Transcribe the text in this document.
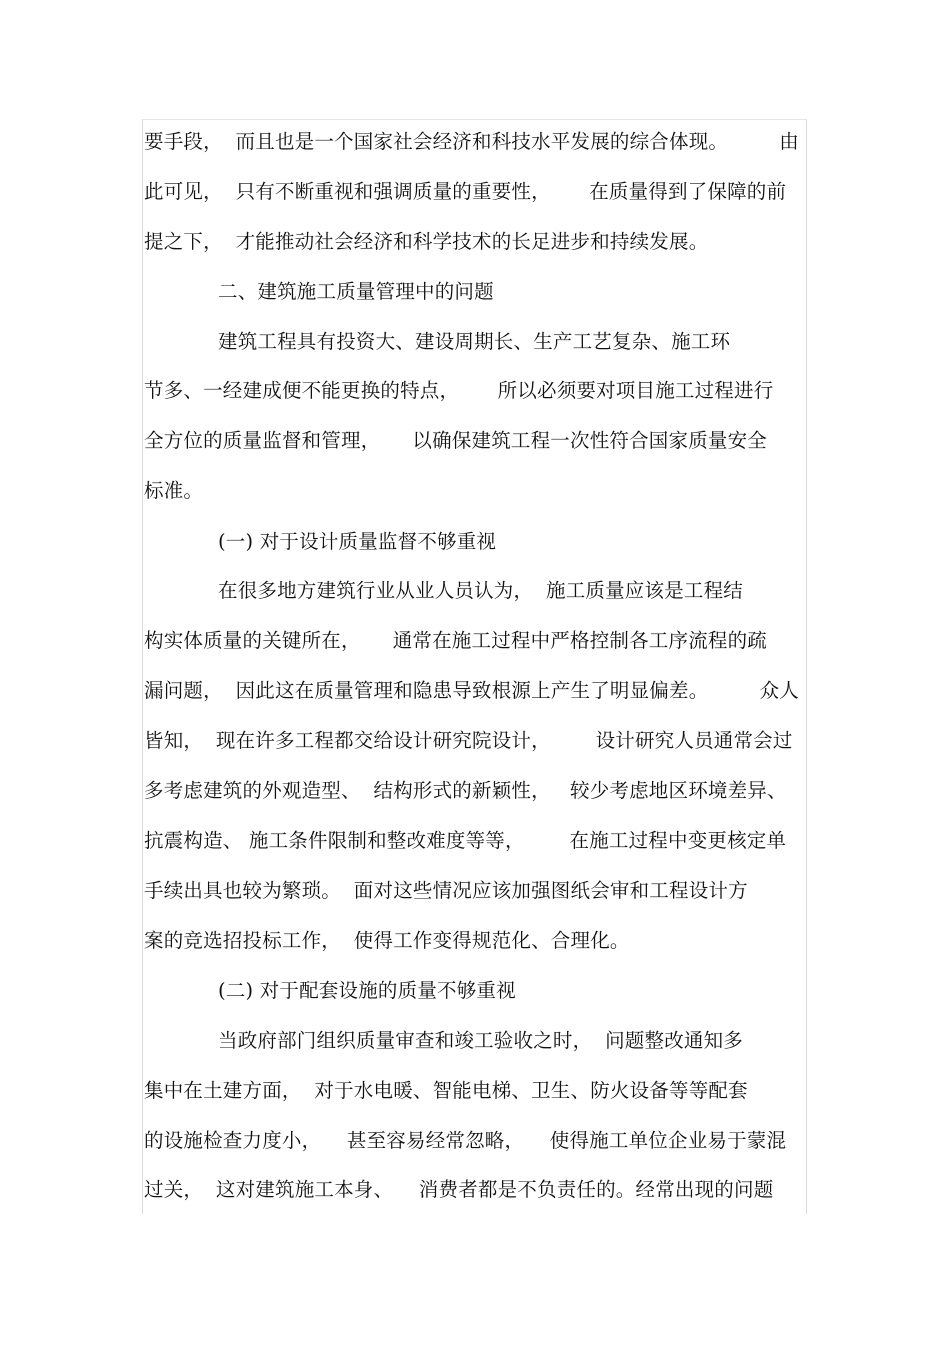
要手段，  而且也是一个国家社会经济和科技水平发展的综合体现。        由
此可见，  只有不断重视和强调质量的重要性，      在质量得到了保障的前
提之下，  才能推动社会经济和科学技术的长足进步和持续发展。
二、建筑施工质量管理中的问题
建筑工程具有投资大、建设周期长、生产工艺复杂、施工环
节多、一经建成便不能更换的特点，      所以必须要对项目施工过程进行
全方位的质量监督和管理，     以确保建筑工程一次性符合国家质量安全
标准。
(一) 对于设计质量监督不够重视
在很多地方建筑行业从业人员认为，  施工质量应该是工程结
构实体质量的关键所在，     通常在施工过程中严格控制各工序流程的疏
漏问题，  因此这在质量管理和隐患导致根源上产生了明显偏差。        众人
皆知，  现在许多工程都交给设计研究院设计，       设计研究人员通常会过
多考虑建筑的外观造型、  结构形式的新颖性，   较少考虑地区环境差异、
抗震构造、 施工条件限制和整改难度等等，       在施工过程中变更核定单
手续出具也较为繁琐。  面对这些情况应该加强图纸会审和工程设计方
案的竞选招投标工作，  使得工作变得规范化、合理化。
(二) 对于配套设施的质量不够重视
当政府部门组织质量审查和竣工验收之时，  问题整改通知多
集中在土建方面，  对于水电暖、智能电梯、卫生、防火设备等等配套
的设施检查力度小，    甚至容易经常忽略，    使得施工单位企业易于蒙混
过关，  这对建筑施工本身、    消费者都是不负责任的。经常出现的问题
